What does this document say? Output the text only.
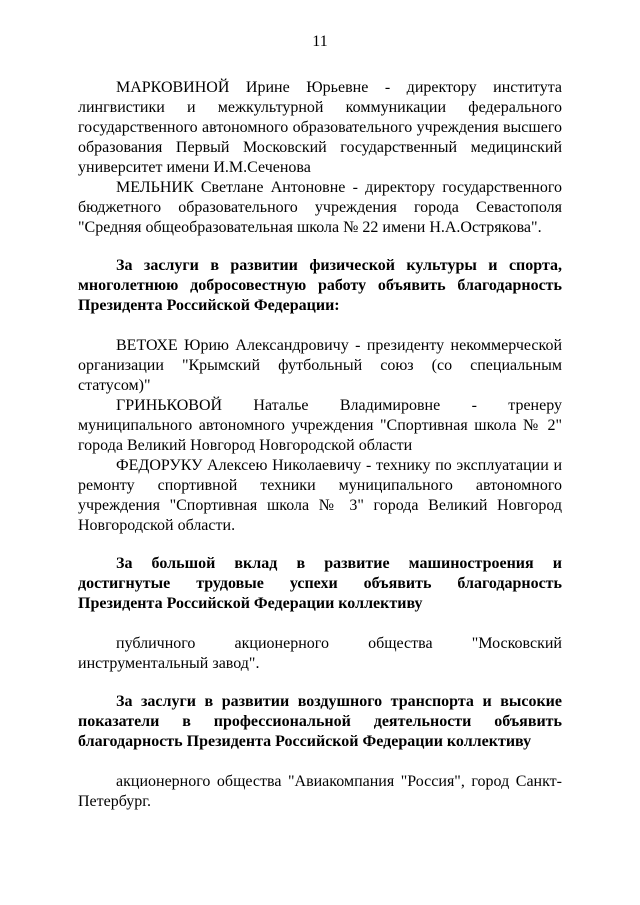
11

МАРКОВИНОЙ Ирине Юрьевне - директору института лингвистики и межкультурной коммуникации федерального государственного автономного образовательного учреждения высшего образования Первый Московский государственный медицинский университет имени И.М.Сеченова

МЕЛЬНИК Светлане Антоновне - директору государственного бюджетного образовательного учреждения города Севастополя "Средняя общеобразовательная школа № 22 имени Н.А.Острякова".

За заслуги в развитии физической культуры и спорта, многолетнюю добросовестную работу объявить благодарность Президента Российской Федерации:

ВЕТОХЕ Юрию Александровичу - президенту некоммерческой организации "Крымский футбольный союз (со специальным статусом)"

ГРИНЬКОВОЙ Наталье Владимировне - тренеру муниципального автономного учреждения "Спортивная школа № 2" города Великий Новгород Новгородской области

ФЕДОРУКУ Алексею Николаевичу - технику по эксплуатации и ремонту спортивной техники муниципального автономного учреждения "Спортивная школа № 3" города Великий Новгород Новгородской области.

За большой вклад в развитие машиностроения и достигнутые трудовые успехи объявить благодарность Президента Российской Федерации коллективу

публичного акционерного общества "Московский инструментальный завод".

За заслуги в развитии воздушного транспорта и высокие показатели в профессиональной деятельности объявить благодарность Президента Российской Федерации коллективу

акционерного общества "Авиакомпания "Россия", город Санкт-Петербург.
